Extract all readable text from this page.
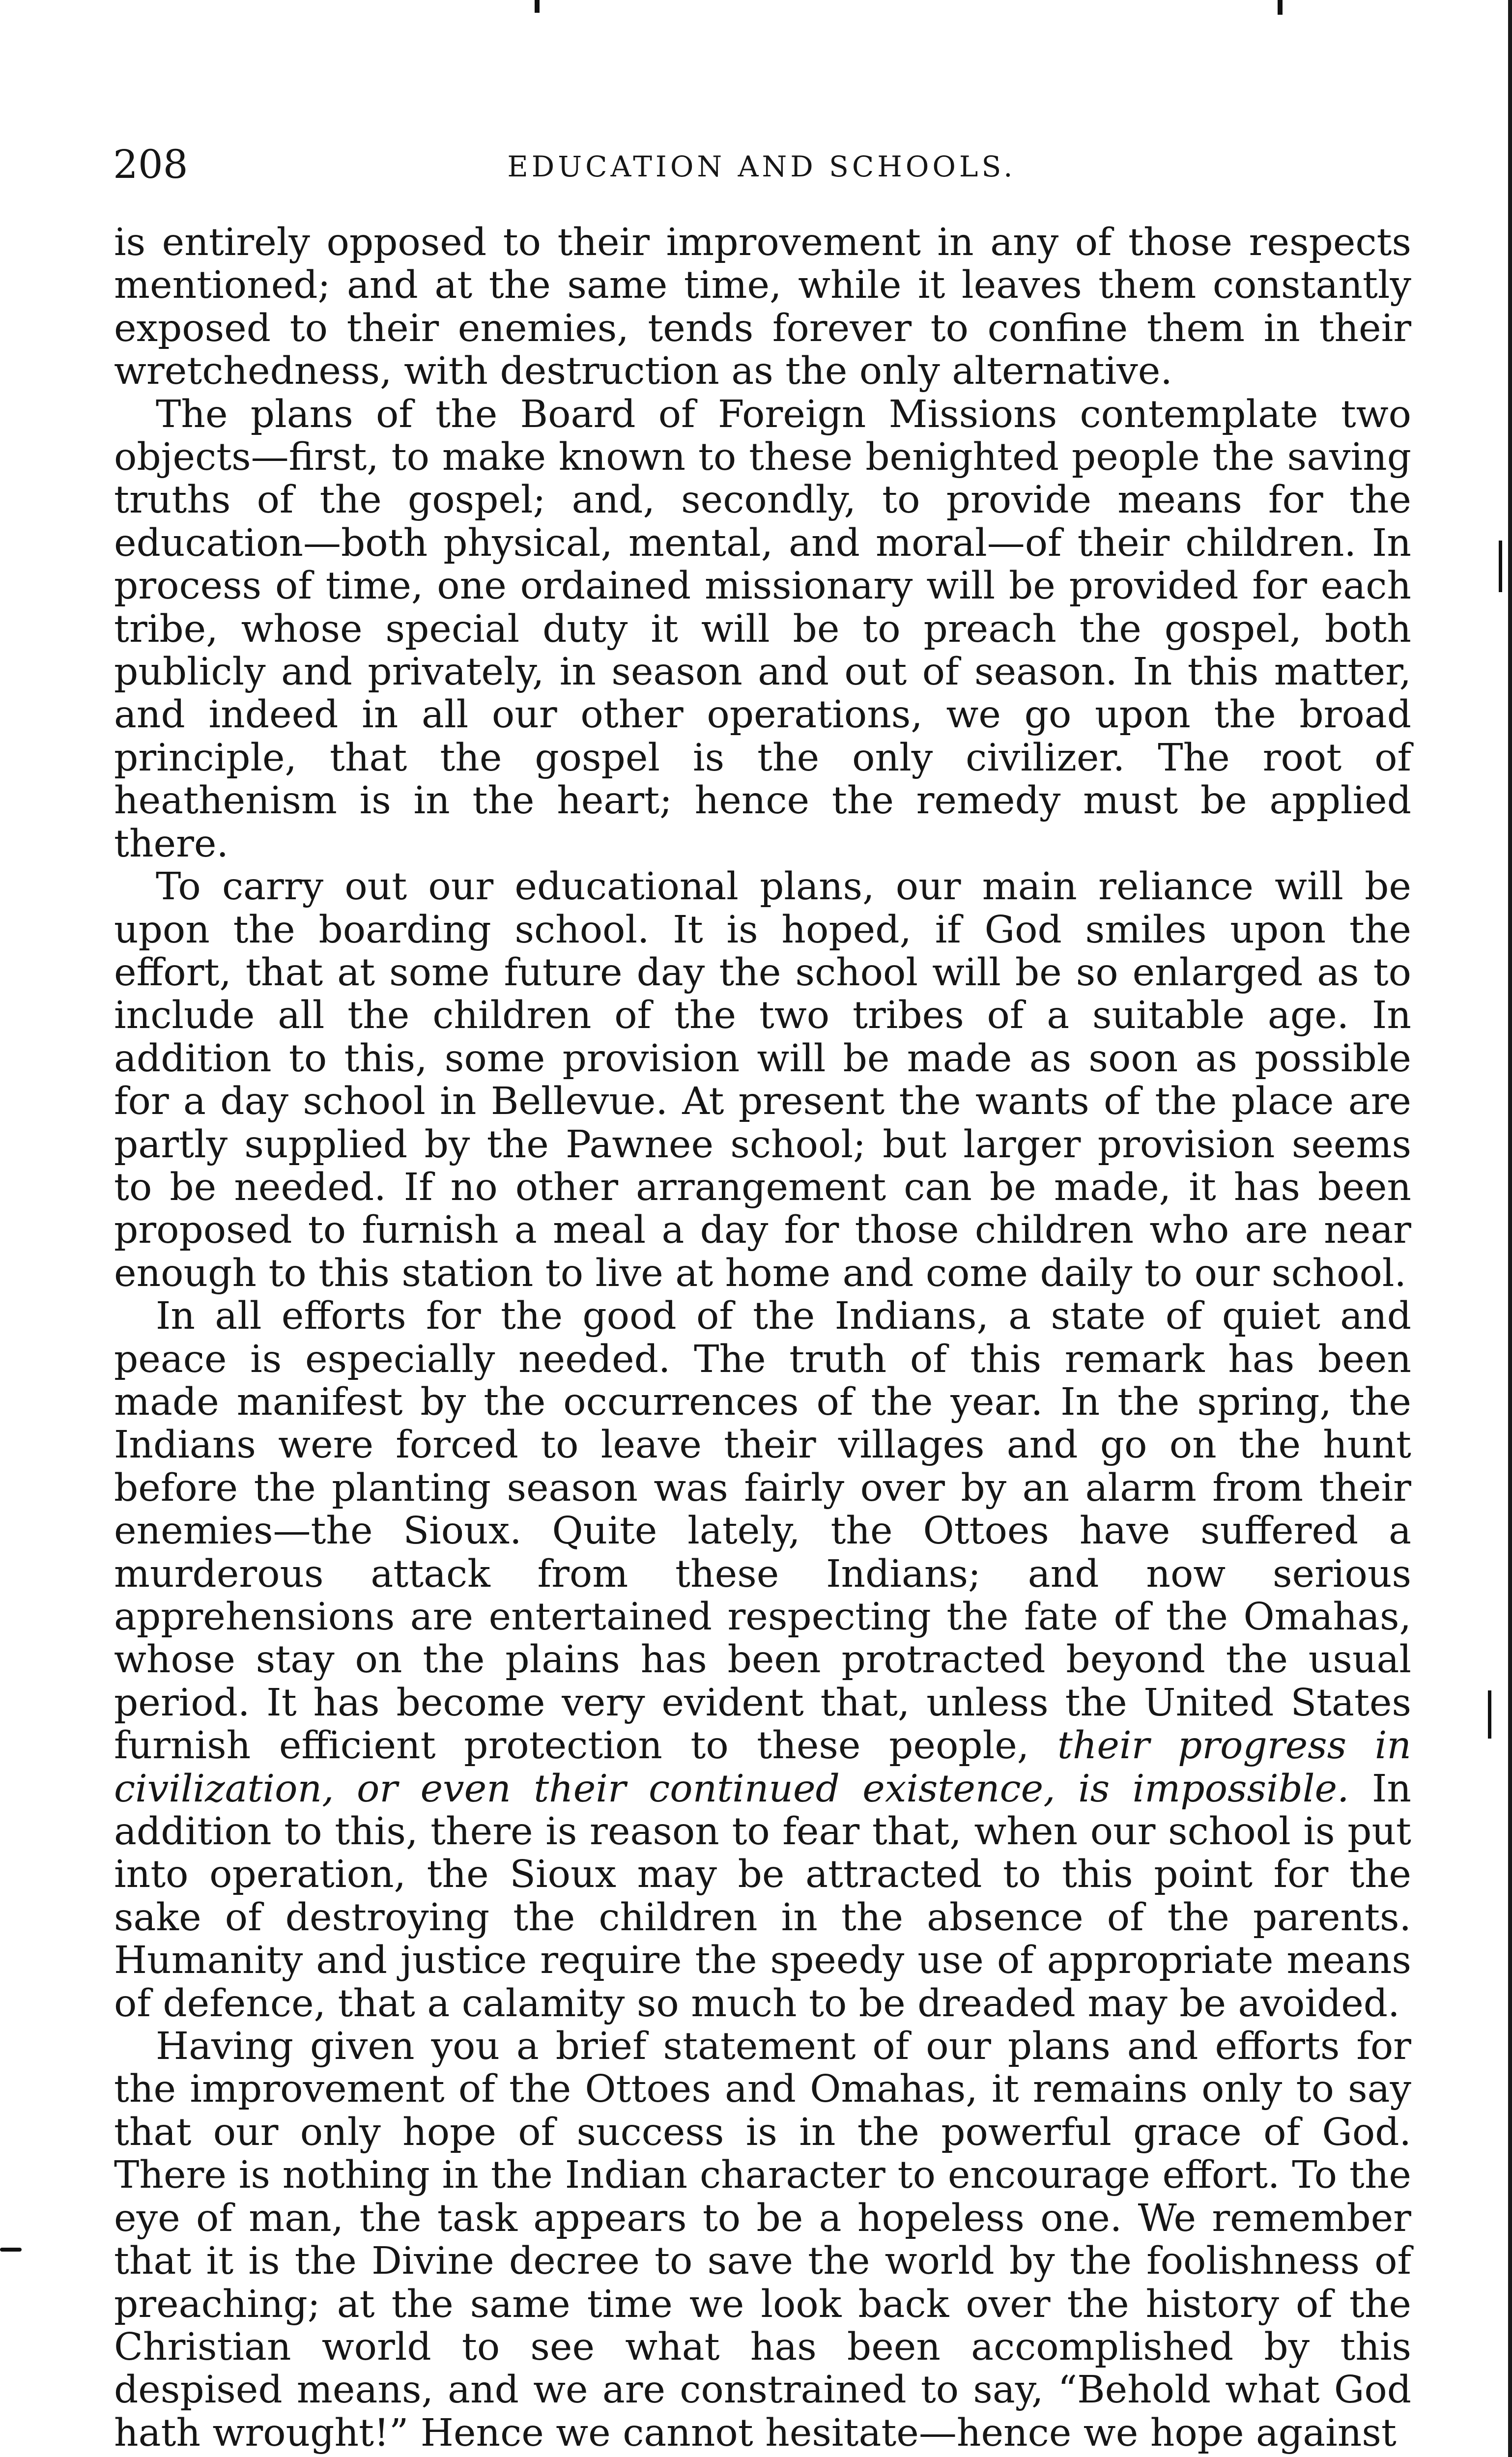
208	EDUCATION AND SCHOOLS.

is entirely opposed to their improvement in any of those respects mentioned; and at the same time, while it leaves them constantly exposed to their enemies, tends forever to confine them in their wretchedness, with destruction as the only alternative.

The plans of the Board of Foreign Missions contemplate two objects—first, to make known to these benighted people the saving truths of the gospel; and, secondly, to provide means for the education—both physical, mental, and moral—of their children. In process of time, one ordained missionary will be provided for each tribe, whose special duty it will be to preach the gospel, both publicly and privately, in season and out of season. In this matter, and indeed in all our other operations, we go upon the broad principle, that the gospel is the only civilizer. The root of heathenism is in the heart; hence the remedy must be applied there.

To carry out our educational plans, our main reliance will be upon the boarding school. It is hoped, if God smiles upon the effort, that at some future day the school will be so enlarged as to include all the children of the two tribes of a suitable age. In addition to this, some provision will be made as soon as possible for a day school in Bellevue. At present the wants of the place are partly supplied by the Pawnee school; but larger provision seems to be needed. If no other arrangement can be made, it has been proposed to furnish a meal a day for those children who are near enough to this station to live at home and come daily to our school.

In all efforts for the good of the Indians, a state of quiet and peace is especially needed. The truth of this remark has been made manifest by the occurrences of the year. In the spring, the Indians were forced to leave their villages and go on the hunt before the planting season was fairly over by an alarm from their enemies—the Sioux. Quite lately, the Ottoes have suffered a murderous attack from these Indians; and now serious apprehensions are entertained respecting the fate of the Omahas, whose stay on the plains has been protracted beyond the usual period. It has become very evident that, unless the United States furnish efficient protection to these people, their progress in civilization, or even their continued existence, is impossible. In addition to this, there is reason to fear that, when our school is put into operation, the Sioux may be attracted to this point for the sake of destroying the children in the absence of the parents. Humanity and justice require the speedy use of appropriate means of defence, that a calamity so much to be dreaded may be avoided.

Having given you a brief statement of our plans and efforts for the improvement of the Ottoes and Omahas, it remains only to say that our only hope of success is in the powerful grace of God. There is nothing in the Indian character to encourage effort. To the eye of man, the task appears to be a hopeless one. We remember that it is the Divine decree to save the world by the foolishness of preaching; at the same time we look back over the history of the Christian world to see what has been accomplished by this despised means, and we are constrained to say, “Behold what God hath wrought!” Hence we cannot hesitate—hence we hope against
